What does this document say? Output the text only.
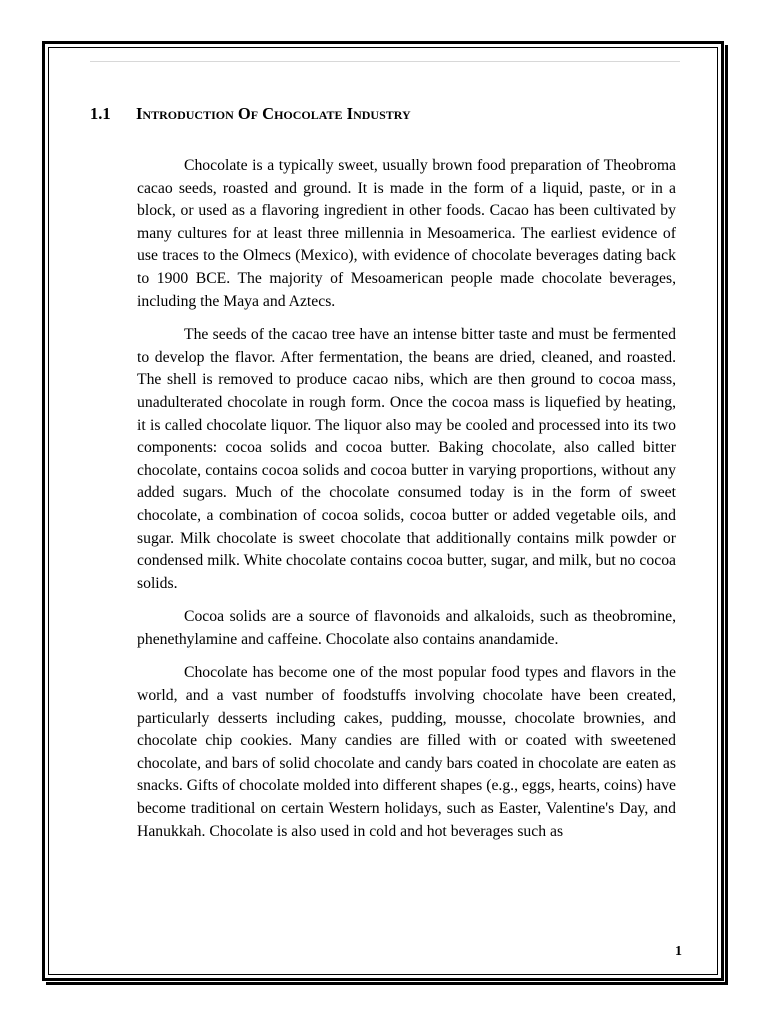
1.1 Introduction Of Chocolate Industry

Chocolate is a typically sweet, usually brown food preparation of Theobroma cacao seeds, roasted and ground. It is made in the form of a liquid, paste, or in a block, or used as a flavoring ingredient in other foods. Cacao has been cultivated by many cultures for at least three millennia in Mesoamerica. The earliest evidence of use traces to the Olmecs (Mexico), with evidence of chocolate beverages dating back to 1900 BCE. The majority of Mesoamerican people made chocolate beverages, including the Maya and Aztecs.

The seeds of the cacao tree have an intense bitter taste and must be fermented to develop the flavor. After fermentation, the beans are dried, cleaned, and roasted. The shell is removed to produce cacao nibs, which are then ground to cocoa mass, unadulterated chocolate in rough form. Once the cocoa mass is liquefied by heating, it is called chocolate liquor. The liquor also may be cooled and processed into its two components: cocoa solids and cocoa butter. Baking chocolate, also called bitter chocolate, contains cocoa solids and cocoa butter in varying proportions, without any added sugars. Much of the chocolate consumed today is in the form of sweet chocolate, a combination of cocoa solids, cocoa butter or added vegetable oils, and sugar. Milk chocolate is sweet chocolate that additionally contains milk powder or condensed milk. White chocolate contains cocoa butter, sugar, and milk, but no cocoa solids.

Cocoa solids are a source of flavonoids and alkaloids, such as theobromine, phenethylamine and caffeine. Chocolate also contains anandamide.

Chocolate has become one of the most popular food types and flavors in the world, and a vast number of foodstuffs involving chocolate have been created, particularly desserts including cakes, pudding, mousse, chocolate brownies, and chocolate chip cookies. Many candies are filled with or coated with sweetened chocolate, and bars of solid chocolate and candy bars coated in chocolate are eaten as snacks. Gifts of chocolate molded into different shapes (e.g., eggs, hearts, coins) have become traditional on certain Western holidays, such as Easter, Valentine's Day, and Hanukkah. Chocolate is also used in cold and hot beverages such as

1
